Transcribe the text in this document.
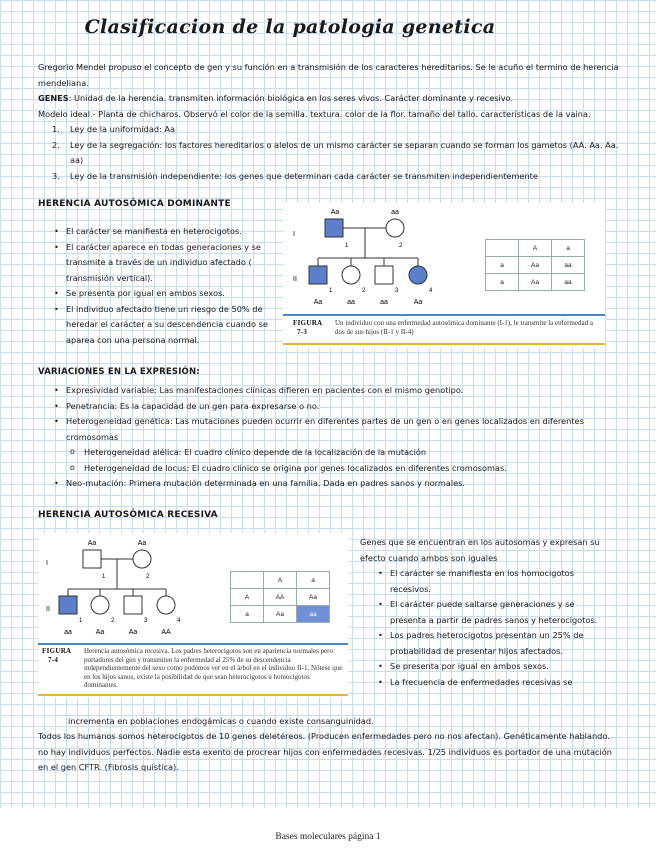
Clasificacion de la patologia genetica
Gregorio Mendel propuso el concepto de gen y su función en a transmisión de los caracteres hereditarios. Se le acuño el termino de herencia mendeliana.
GENES: Unidad de la herencia. transmiten información biológica en los seres vivos. Carácter dominante y recesivo.
Modelo ideal.- Planta de chicharos. Observó el color de la semilla. textura. color de la flor. tamaño del tallo. características de la vaina.
1. Ley de la uniformidad: Aa
2. Ley de la segregación: los factores hereditarios o alelos de un mismo carácter se separan cuando se forman los gametos (AA. Aa. Aa. aa)
3. Ley de la transmisión independiente: los genes que determinan cada carácter se transmiten independientemente
HERENCIA AUTOSÓMICA DOMINANTE
• El carácter se manifiesta en heterocigotos.
• El carácter aparece en todas generaciones y se transmite a través de un individuo afectado ( transmisión vertical).
• Se presenta por igual en ambos sexos.
• El individuo afectado tiene un riesgo de 50% de heredar el carácter a su descendencia cuando se aparea con una persona normal.
I
II
Aa	aa
1	2
1	2	3	4
Aa	aa	aa	Aa
	A	a
a	Aa	aa
a	Aa	aa
FIGURA
7-3
Un individuo con una enfermedad autosómica dominante (I-1), le transmite la enfermedad a dos de sus hijos (II-1 y II-4)
VARIACIONES EN LA EXPRESIÓN:
• Expresividad variable: Las manifestaciones clínicas difieren en pacientes con el mismo genotipo.
• Penetrancia: Es la capacidad de un gen para expresarse o no.
• Heterogeneidad genética: Las mutaciones pueden ocurrir en diferentes partes de un gen o en genes localizados en diferentes cromosomas
o Heterogeneidad alélica: El cuadro clínico depende de la localización de la mutación
o Heterogeneidad de locus: El cuadro clínico se origina por genes localizados en diferentes cromosomas.
• Neo-mutación: Primera mutación determinada en una familia. Dada en padres sanos y normales.
HERENCIA AUTOSÓMICA RECESIVA
I
II
Aa	Aa
1	2
1	2	3	4
aa	Aa	Aa	AA
	A	a
A	AA	Aa
a	Aa	aa
FIGURA
7-4
Herencia autosómica recesiva. Los padres heterocigotos son en apariencia normales pero portadores del gen y transmiten la enfermedad al 25% de su descendencia independientemente del sexo como podemos ver en el árbol en el individuo II-1. Nótese que en los hijos sanos, existe la posibilidad de que sean heterocigotos u homocigotos dominantes.
Genes que se encuentran en los autosomas y expresan su efecto cuando ambos son iguales
• El carácter se manifiesta en los homocigotos recesivos.
• El carácter puede saltarse generaciones y se presenta a partir de padres sanos y heterocigotos.
• Los padres heterocigotos presentan un 25% de probabilidad de presentar hijos afectados.
• Se presenta por igual en ambos sexos.
• La frecuencia de enfermedades recesivas se
incrementa en poblaciones endogámicas o cuando existe consanguinidad.
Todos los humanos somos heterocigotos de 10 genes deletéreos. (Producen enfermedades pero no nos afectan). Genéticamente hablando. no hay individuos perfectos. Nadie esta exento de procrear hijos con enfermedades recesivas. 1/25 individuos es portador de una mutación en el gen CFTR. (Fibrosis quística).
Bases moleculares página 1
